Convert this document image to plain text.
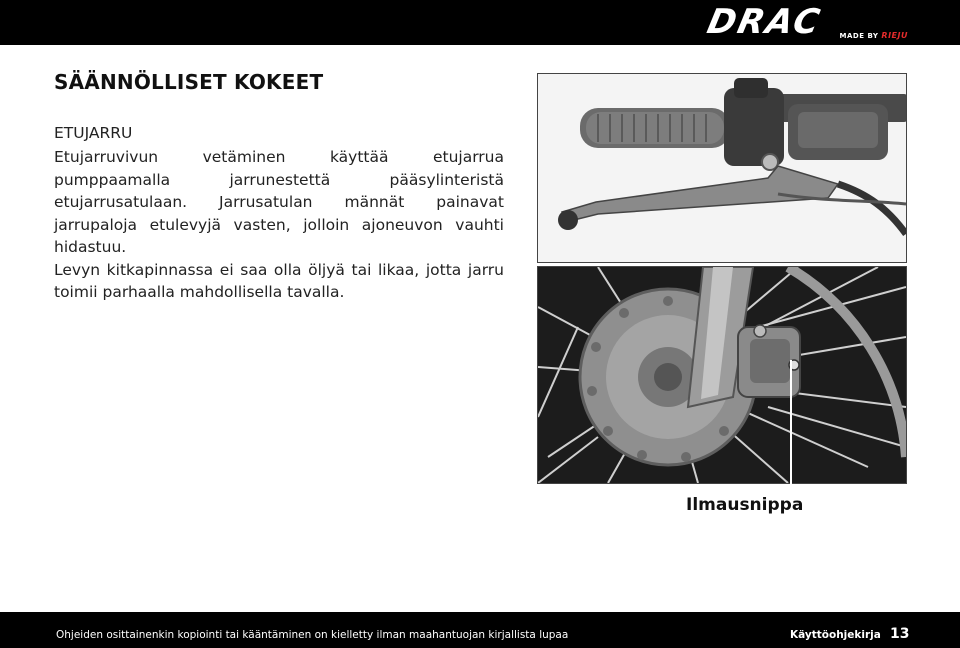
DRAC MADE BY RIEJU
SÄÄNNÖLLISET KOKEET
ETUJARRU

Etujarruvivun vetäminen käyttää etujarrua pumppaamalla jarrunestettä pääsylinteristä etujarrusatulaan. Jarrusatulan männät painavat jarrupaloja etulevyjä vasten, jolloin ajoneuvon vauhti hidastuu.

Levyn kitkapinnassa ei saa olla öljyä tai likaa, jotta jarru toimii parhaalla mahdollisella tavalla.

Ilmausnippa
Ohjeiden osittainenkin kopiointi tai kääntäminen on kielletty ilman maahantuojan kirjallista lupaa	Käyttöohjekirja 13
